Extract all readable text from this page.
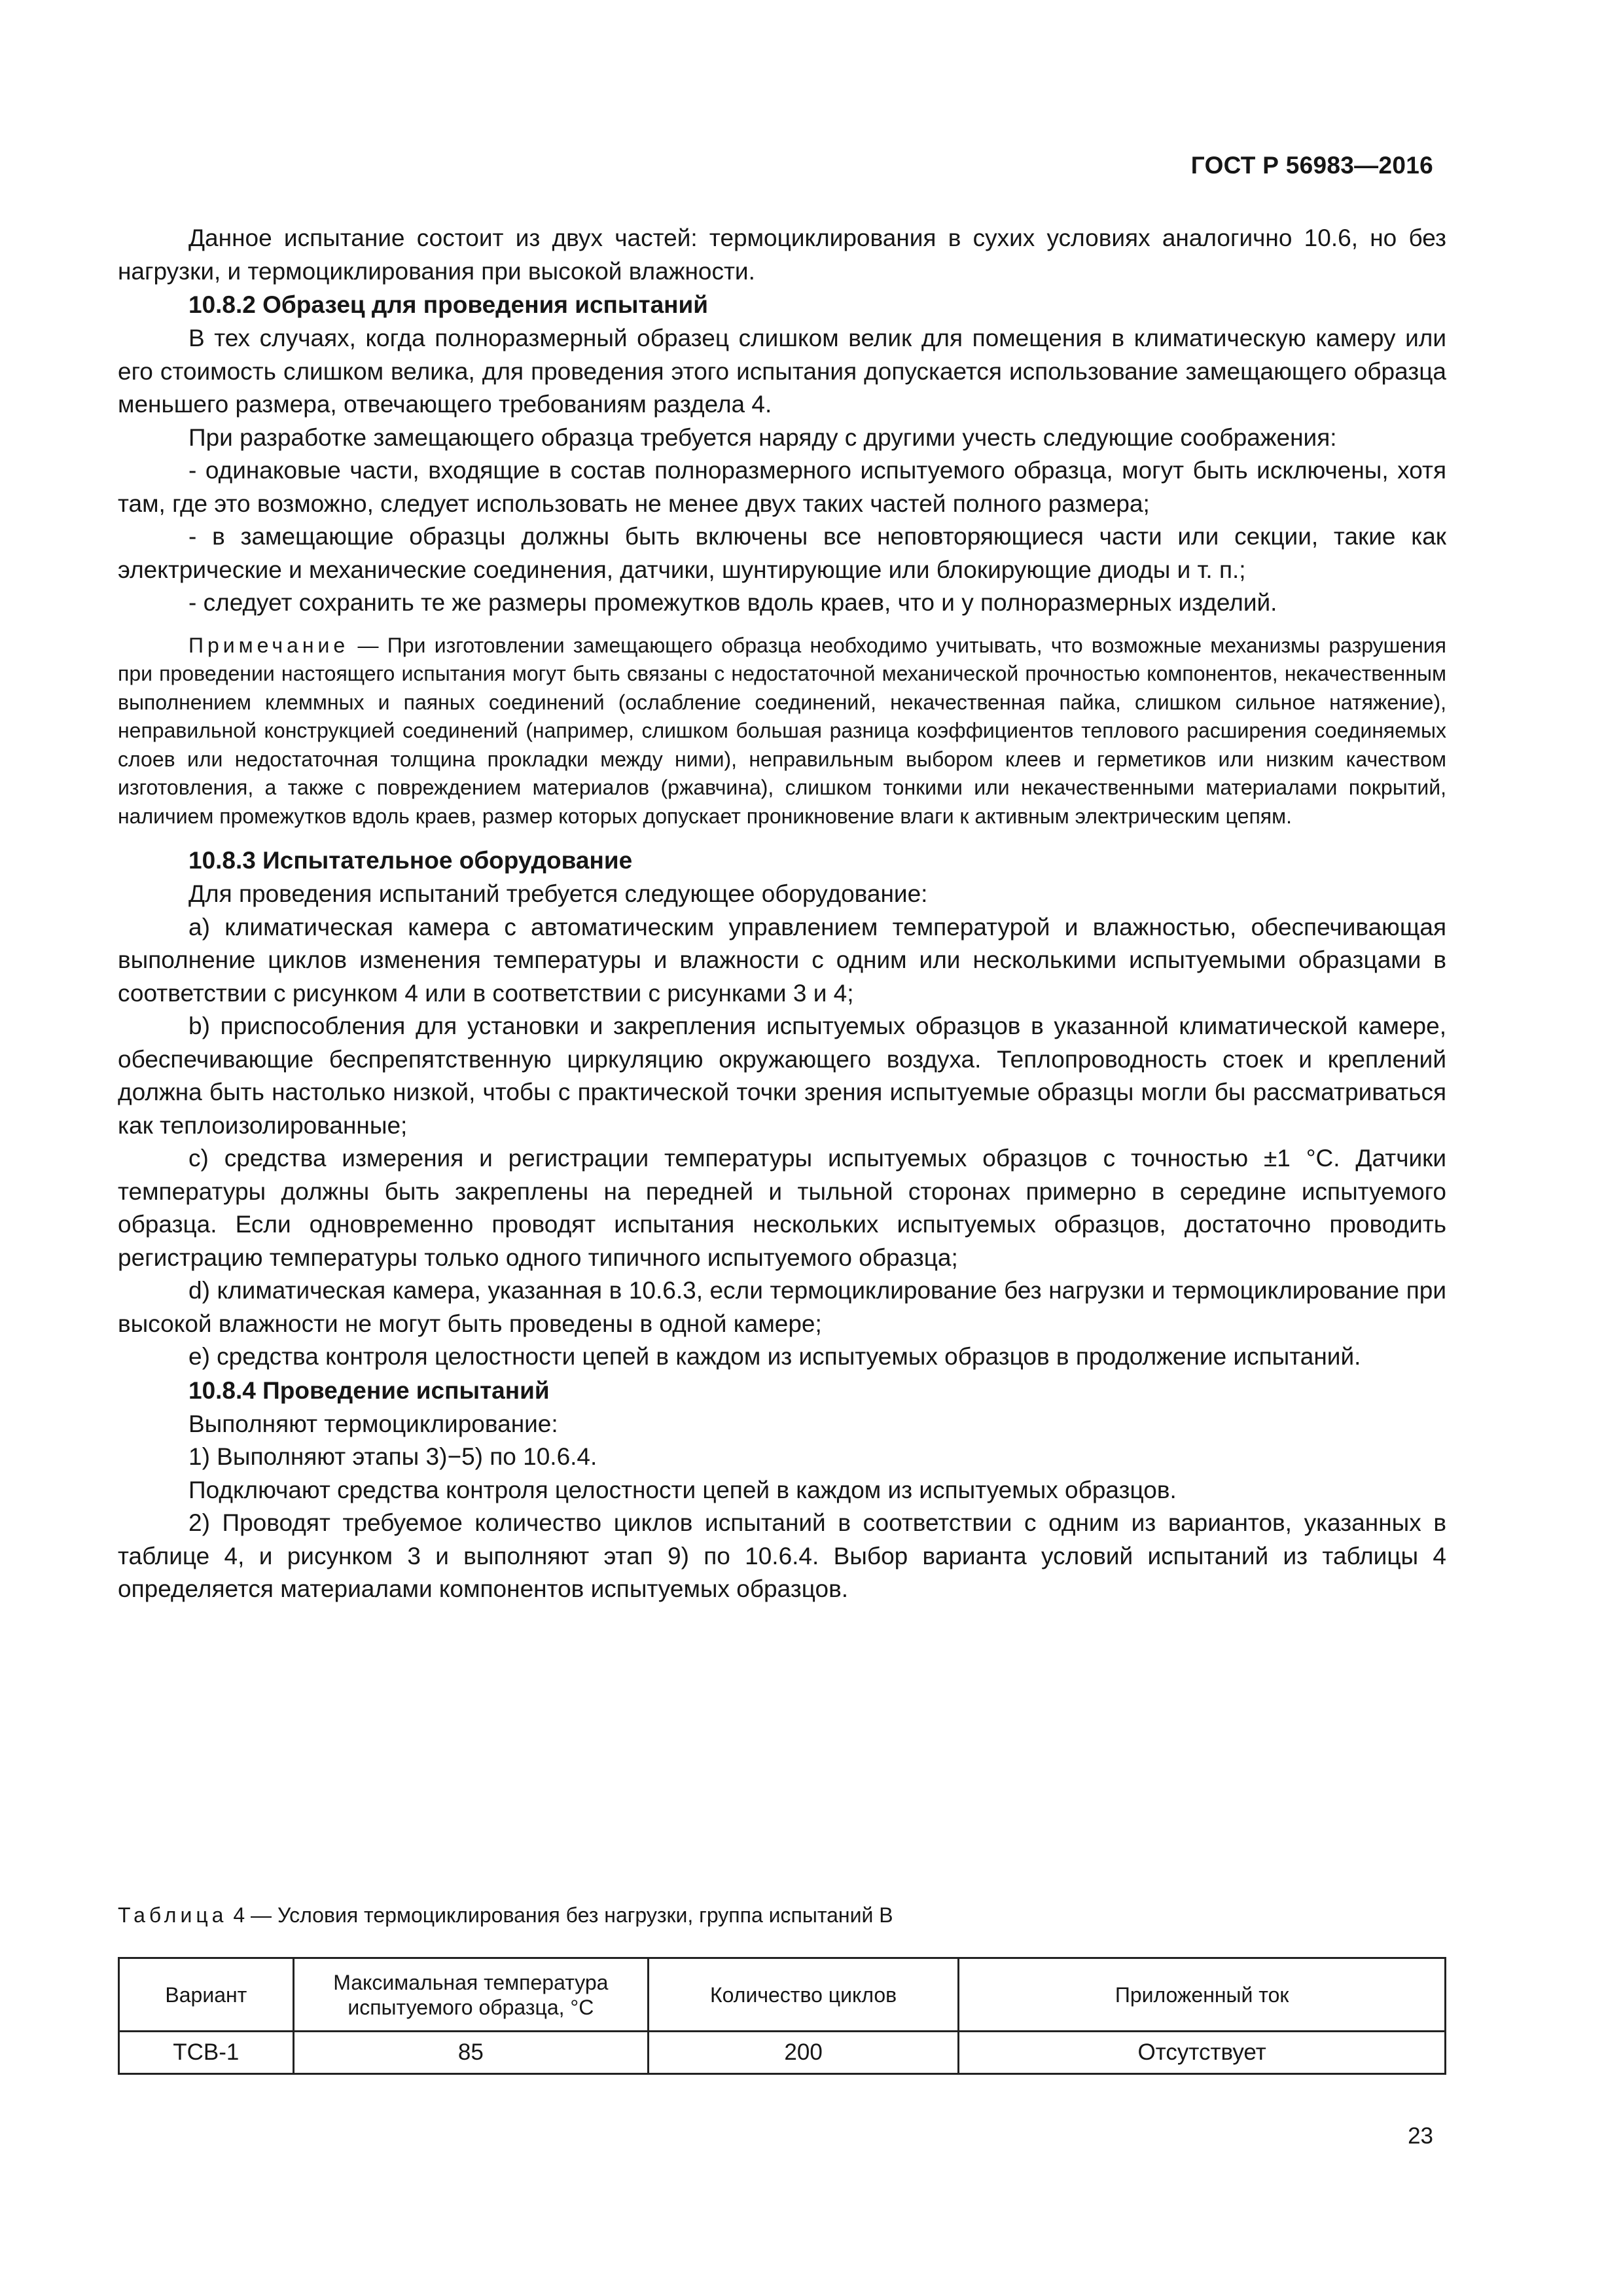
ГОСТ Р 56983—2016

Данное испытание состоит из двух частей: термоциклирования в сухих условиях аналогично 10.6, но без нагрузки, и термоциклирования при высокой влажности.

10.8.2 Образец для проведения испытаний

В тех случаях, когда полноразмерный образец слишком велик для помещения в климатическую камеру или его стоимость слишком велика, для проведения этого испытания допускается использование замещающего образца меньшего размера, отвечающего требованиям раздела 4.

При разработке замещающего образца требуется наряду с другими учесть следующие соображения:

- одинаковые части, входящие в состав полноразмерного испытуемого образца, могут быть исключены, хотя там, где это возможно, следует использовать не менее двух таких частей полного размера;

- в замещающие образцы должны быть включены все неповторяющиеся части или секции, такие как электрические и механические соединения, датчики, шунтирующие или блокирующие диоды и т. п.;

- следует сохранить те же размеры промежутков вдоль краев, что и у полноразмерных изделий.

Примечание — При изготовлении замещающего образца необходимо учитывать, что возможные механизмы разрушения при проведении настоящего испытания могут быть связаны с недостаточной механической прочностью компонентов, некачественным выполнением клеммных и паяных соединений (ослабление соединений, некачественная пайка, слишком сильное натяжение), неправильной конструкцией соединений (например, слишком большая разница коэффициентов теплового расширения соединяемых слоев или недостаточная толщина прокладки между ними), неправильным выбором клеев и герметиков или низким качеством изготовления, а также с повреждением материалов (ржавчина), слишком тонкими или некачественными материалами покрытий, наличием промежутков вдоль краев, размер которых допускает проникновение влаги к активным электрическим цепям.

10.8.3 Испытательное оборудование

Для проведения испытаний требуется следующее оборудование:

a) климатическая камера с автоматическим управлением температурой и влажностью, обеспечивающая выполнение циклов изменения температуры и влажности с одним или несколькими испытуемыми образцами в соответствии с рисунком 4 или в соответствии с рисунками 3 и 4;

b) приспособления для установки и закрепления испытуемых образцов в указанной климатической камере, обеспечивающие беспрепятственную циркуляцию окружающего воздуха. Теплопроводность стоек и креплений должна быть настолько низкой, чтобы с практической точки зрения испытуемые образцы могли бы рассматриваться как теплоизолированные;

c) средства измерения и регистрации температуры испытуемых образцов с точностью ±1 °С. Датчики температуры должны быть закреплены на передней и тыльной сторонах примерно в середине испытуемого образца. Если одновременно проводят испытания нескольких испытуемых образцов, достаточно проводить регистрацию температуры только одного типичного испытуемого образца;

d) климатическая камера, указанная в 10.6.3, если термоциклирование без нагрузки и термоциклирование при высокой влажности не могут быть проведены в одной камере;

e) средства контроля целостности цепей в каждом из испытуемых образцов в продолжение испытаний.

10.8.4 Проведение испытаний

Выполняют термоциклирование:

1) Выполняют этапы 3)−5) по 10.6.4.

Подключают средства контроля целостности цепей в каждом из испытуемых образцов.

2) Проводят требуемое количество циклов испытаний в соответствии с одним из вариантов, указанных в таблице 4, и рисунком 3 и выполняют этап 9) по 10.6.4. Выбор варианта условий испытаний из таблицы 4 определяется материалами компонентов испытуемых образцов.

Таблица 4 — Условия термоциклирования без нагрузки, группа испытаний В
Вариант	Максимальная температура испытуемого образца, °С	Количество циклов	Приложенный ток
ТСВ-1	85	200	Отсутствует
23
